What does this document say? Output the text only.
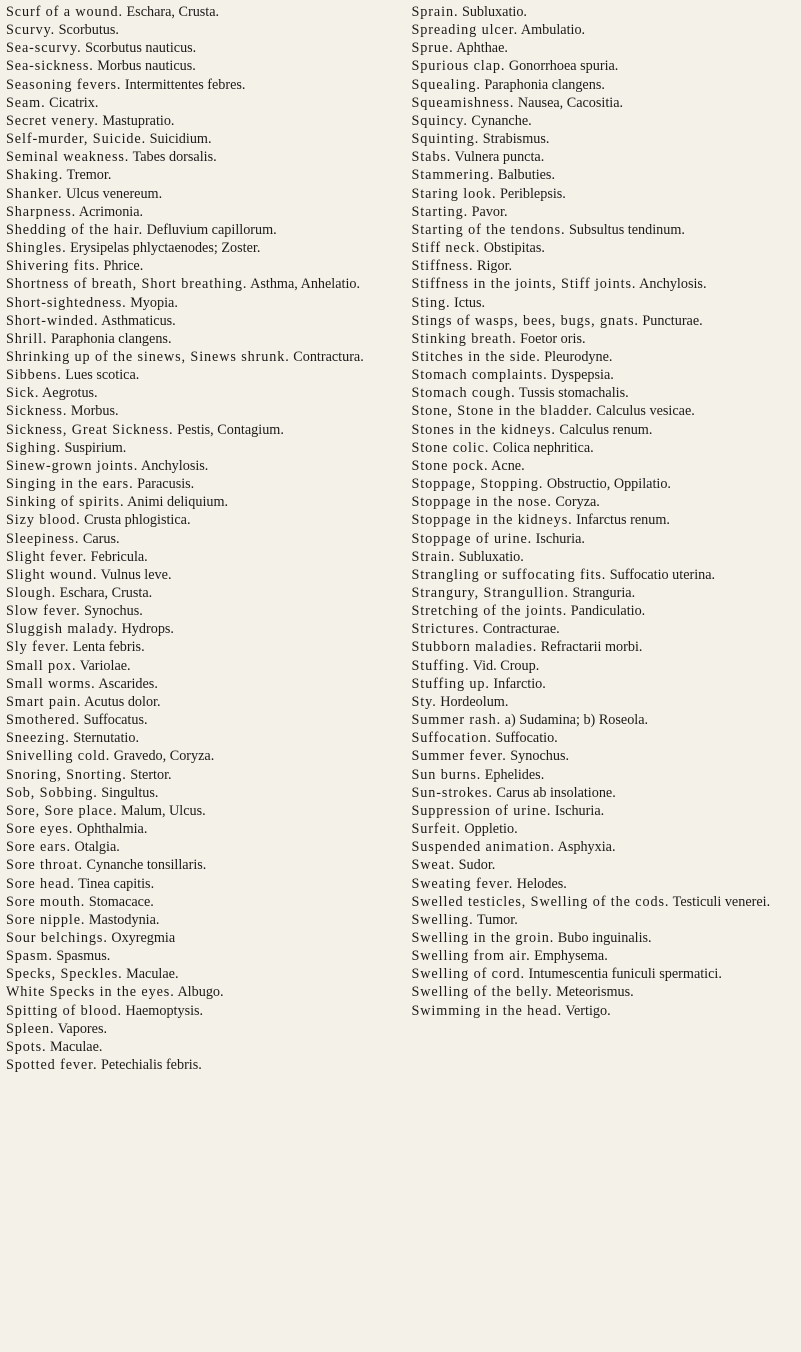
Scurf of a wound. Eschara, Crusta.

Scurvy. Scorbutus.

Sea-scurvy. Scorbutus nauticus.

Sea-sickness. Morbus nauticus.

Seasoning fevers. Intermittentes febres.

Seam. Cicatrix.

Secret venery. Mastupratio.

Self-murder, Suicide. Suicidium.

Seminal weakness. Tabes dorsalis.

Shaking. Tremor.

Shanker. Ulcus venereum.

Sharpness. Acrimonia.

Shedding of the hair. Defluvium capillorum.

Shingles. Erysipelas phlyctaenodes; Zoster.

Shivering fits. Phrice.

Shortness of breath, Short breathing. Asthma, Anhelatio.

Short-sightedness. Myopia.

Short-winded. Asthmaticus.

Shrill. Paraphonia clangens.

Shrinking up of the sinews, Sinews shrunk. Contractura.

Sibbens. Lues scotica.

Sick. Aegrotus.

Sickness. Morbus.

Sickness, Great Sickness. Pestis, Contagium.

Sighing. Suspirium.

Sinew-grown joints. Anchylosis.

Singing in the ears. Paracusis.

Sinking of spirits. Animi deliquium.

Sizy blood. Crusta phlogistica.

Sleepiness. Carus.

Slight fever. Febricula.

Slight wound. Vulnus leve.

Slough. Eschara, Crusta.

Slow fever. Synochus.

Sluggish malady. Hydrops.

Sly fever. Lenta febris.

Small pox. Variolae.

Small worms. Ascarides.

Smart pain. Acutus dolor.

Smothered. Suffocatus.

Sneezing. Sternutatio.

Snivelling cold. Gravedo, Coryza.

Snoring, Snorting. Stertor.

Sob, Sobbing. Singultus.

Sore, Sore place. Malum, Ulcus.

Sore eyes. Ophthalmia.

Sore ears. Otalgia.

Sore throat. Cynanche tonsillaris.

Sore head. Tinea capitis.

Sore mouth. Stomacace.

Sore nipple. Mastodynia.

Sour belchings. Oxyregmia

Spasm. Spasmus.

Specks, Speckles. Maculae.

White Specks in the eyes. Albugo.

Spitting of blood. Haemoptysis.

Spleen. Vapores.

Spots. Maculae.

Spotted fever. Petechialis febris.

Sprain. Subluxatio.

Spreading ulcer. Ambulatio.

Sprue. Aphthae.

Spurious clap. Gonorrhoea spuria.

Squealing. Paraphonia clangens.

Squeamishness. Nausea, Cacositia.

Squincy. Cynanche.

Squinting. Strabismus.

Stabs. Vulnera puncta.

Stammering. Balbuties.

Staring look. Periblepsis.

Starting. Pavor.

Starting of the tendons. Subsultus tendinum.

Stiff neck. Obstipitas.

Stiffness. Rigor.

Stiffness in the joints, Stiff joints. Anchylosis.

Sting. Ictus.

Stings of wasps, bees, bugs, gnats. Puncturae.

Stinking breath. Foetor oris.

Stitches in the side. Pleurodyne.

Stomach complaints. Dyspepsia.

Stomach cough. Tussis stomachalis.

Stone, Stone in the bladder. Calculus vesicae.

Stones in the kidneys. Calculus renum.

Stone colic. Colica nephritica.

Stone pock. Acne.

Stoppage, Stopping. Obstructio, Oppilatio.

Stoppage in the nose. Coryza.

Stoppage in the kidneys. Infarctus renum.

Stoppage of urine. Ischuria.

Strain. Subluxatio.

Strangling or suffocating fits. Suffocatio uterina.

Strangury, Strangullion. Stranguria.

Stretching of the joints. Pandiculatio.

Strictures. Contracturae.

Stubborn maladies. Refractarii morbi.

Stuffing. Vid. Croup.

Stuffing up. Infarctio.

Sty. Hordeolum.

Summer rash. a) Sudamina; b) Roseola.

Suffocation. Suffocatio.

Summer fever. Synochus.

Sun burns. Ephelides.

Sun-strokes. Carus ab insolatione.

Suppression of urine. Ischuria.

Surfeit. Oppletio.

Suspended animation. Asphyxia.

Sweat. Sudor.

Sweating fever. Helodes.

Swelled testicles, Swelling of the cods. Testiculi venerei.

Swelling. Tumor.

Swelling in the groin. Bubo inguinalis.

Swelling from air. Emphysema.

Swelling of cord. Intumescentia funiculi spermatici.

Swelling of the belly. Meteorismus.

Swimming in the head. Vertigo.
